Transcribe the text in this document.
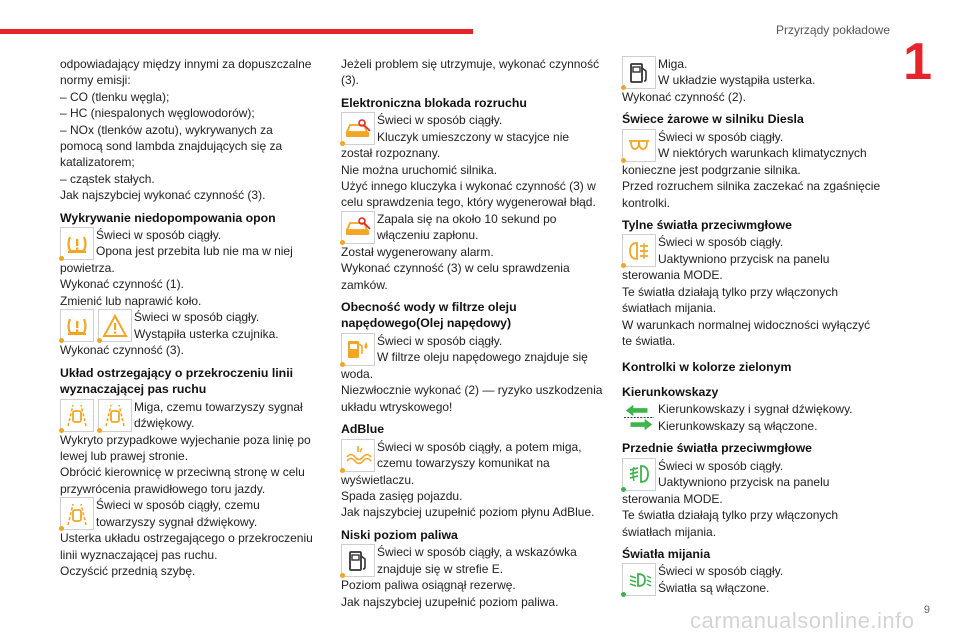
Przyrządy pokładowe
1
9
carmanualsonline.info

odpowiadający między innymi za dopuszczalne

normy emisji:

– CO (tlenku węgla);

– HC (niespalonych węglowodorów);

– NOx (tlenków azotu), wykrywanych za

pomocą sond lambda znajdujących się za

katalizatorem;

– cząstek stałych.

Jak najszybciej wykonać czynność (3).

Wykrywanie niedopompowania opon

Świeci w sposób ciągły.

Opona jest przebita lub nie ma w niej

powietrza.

Wykonać czynność (1).

Zmienić lub naprawić koło.

Świeci w sposób ciągły.

Wystąpiła usterka czujnika.

Wykonać czynność (3).

Układ ostrzegający o przekroczeniu linii wyznaczającej pas ruchu

Miga, czemu towarzyszy sygnał

dźwiękowy.

Wykryto przypadkowe wyjechanie poza linię po

lewej lub prawej stronie.

Obrócić kierownicę w przeciwną stronę w celu

przywrócenia prawidłowego toru jazdy.

Świeci w sposób ciągły, czemu

towarzyszy sygnał dźwiękowy.

Usterka układu ostrzegającego o przekroczeniu

linii wyznaczającej pas ruchu.

Oczyścić przednią szybę.

Jeżeli problem się utrzymuje, wykonać czynność

(3).

Elektroniczna blokada rozruchu

Świeci w sposób ciągły.

Kluczyk umieszczony w stacyjce nie

został rozpoznany.

Nie można uruchomić silnika.

Użyć innego kluczyka i wykonać czynność (3) w

celu sprawdzenia tego, który wygenerował błąd.

Zapala się na około 10 sekund po

włączeniu zapłonu.

Został wygenerowany alarm.

Wykonać czynność (3) w celu sprawdzenia

zamków.

Obecność wody w filtrze oleju napędowego(Olej napędowy)

Świeci w sposób ciągły.

W filtrze oleju napędowego znajduje się

woda.

Niezwłocznie wykonać (2) — ryzyko uszkodzenia

układu wtryskowego!

AdBlue

Świeci w sposób ciągły, a potem miga,

czemu towarzyszy komunikat na

wyświetlaczu.

Spada zasięg pojazdu.

Jak najszybciej uzupełnić poziom płynu AdBlue.

Niski poziom paliwa

Świeci w sposób ciągły, a wskazówka

znajduje się w strefie E.

Poziom paliwa osiągnął rezerwę.

Jak najszybciej uzupełnić poziom paliwa.

Miga.

W układzie wystąpiła usterka.

Wykonać czynność (2).

Świece żarowe w silniku Diesla

Świeci w sposób ciągły.

W niektórych warunkach klimatycznych

konieczne jest podgrzanie silnika.

Przed rozruchem silnika zaczekać na zgaśnięcie

kontrolki.

Tylne światła przeciwmgłowe

Świeci w sposób ciągły.

Uaktywniono przycisk na panelu

sterowania MODE.

Te światła działają tylko przy włączonych

światłach mijania.

W warunkach normalnej widoczności wyłączyć

te światła.

Kontrolki w kolorze zielonym
Kierunkowskazy

Kierunkowskazy i sygnał dźwiękowy.

Kierunkowskazy są włączone.

Przednie światła przeciwmgłowe

Świeci w sposób ciągły.

Uaktywniono przycisk na panelu

sterowania MODE.

Te światła działają tylko przy włączonych

światłach mijania.

Światła mijania

Świeci w sposób ciągły.

Światła są włączone.
